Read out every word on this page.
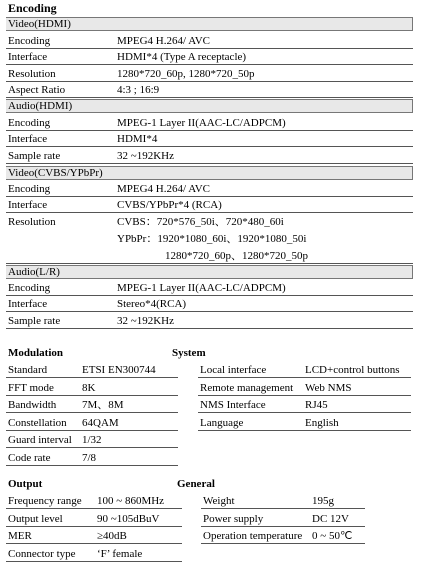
Encoding
Video(HDMI)
Encoding	MPEG4 H.264/ AVC
Interface	HDMI*4 (Type A receptacle)
Resolution	1280*720_60p, 1280*720_50p
Aspect Ratio	4:3 ; 16:9
Audio(HDMI)
Encoding	MPEG-1 Layer II(AAC-LC/ADPCM)
Interface	HDMI*4
Sample rate	32 ~192KHz
Video(CVBS/YPbPr)
Encoding	MPEG4 H.264/ AVC
Interface	CVBS/YPbPr*4 (RCA)
Resolution	CVBS：720*576_50i、720*480_60i
YPbPr：1920*1080_60i、1920*1080_50i
1280*720_60p、1280*720_50p
Audio(L/R)
Encoding	MPEG-1 Layer II(AAC-LC/ADPCM)
Interface	Stereo*4(RCA)
Sample rate	32 ~192KHz
Modulation	System
Standard	ETSI EN300744
FFT mode	8K
Bandwidth 7M、8M
Constellation 64QAM
Guard interval 1/32
Code rate	7/8
Local interface	LCD+control buttons
Remote management Web NMS
NMS Interface	RJ45
Language	English
Output	General
Frequency range 100 ~ 860MHz
Output level	90 ~105dBuV
MER	≥40dB
Connector type ‘F’ female
Weight	195g
Power supply	DC 12V
Operation temperature 0 ~ 50℃
